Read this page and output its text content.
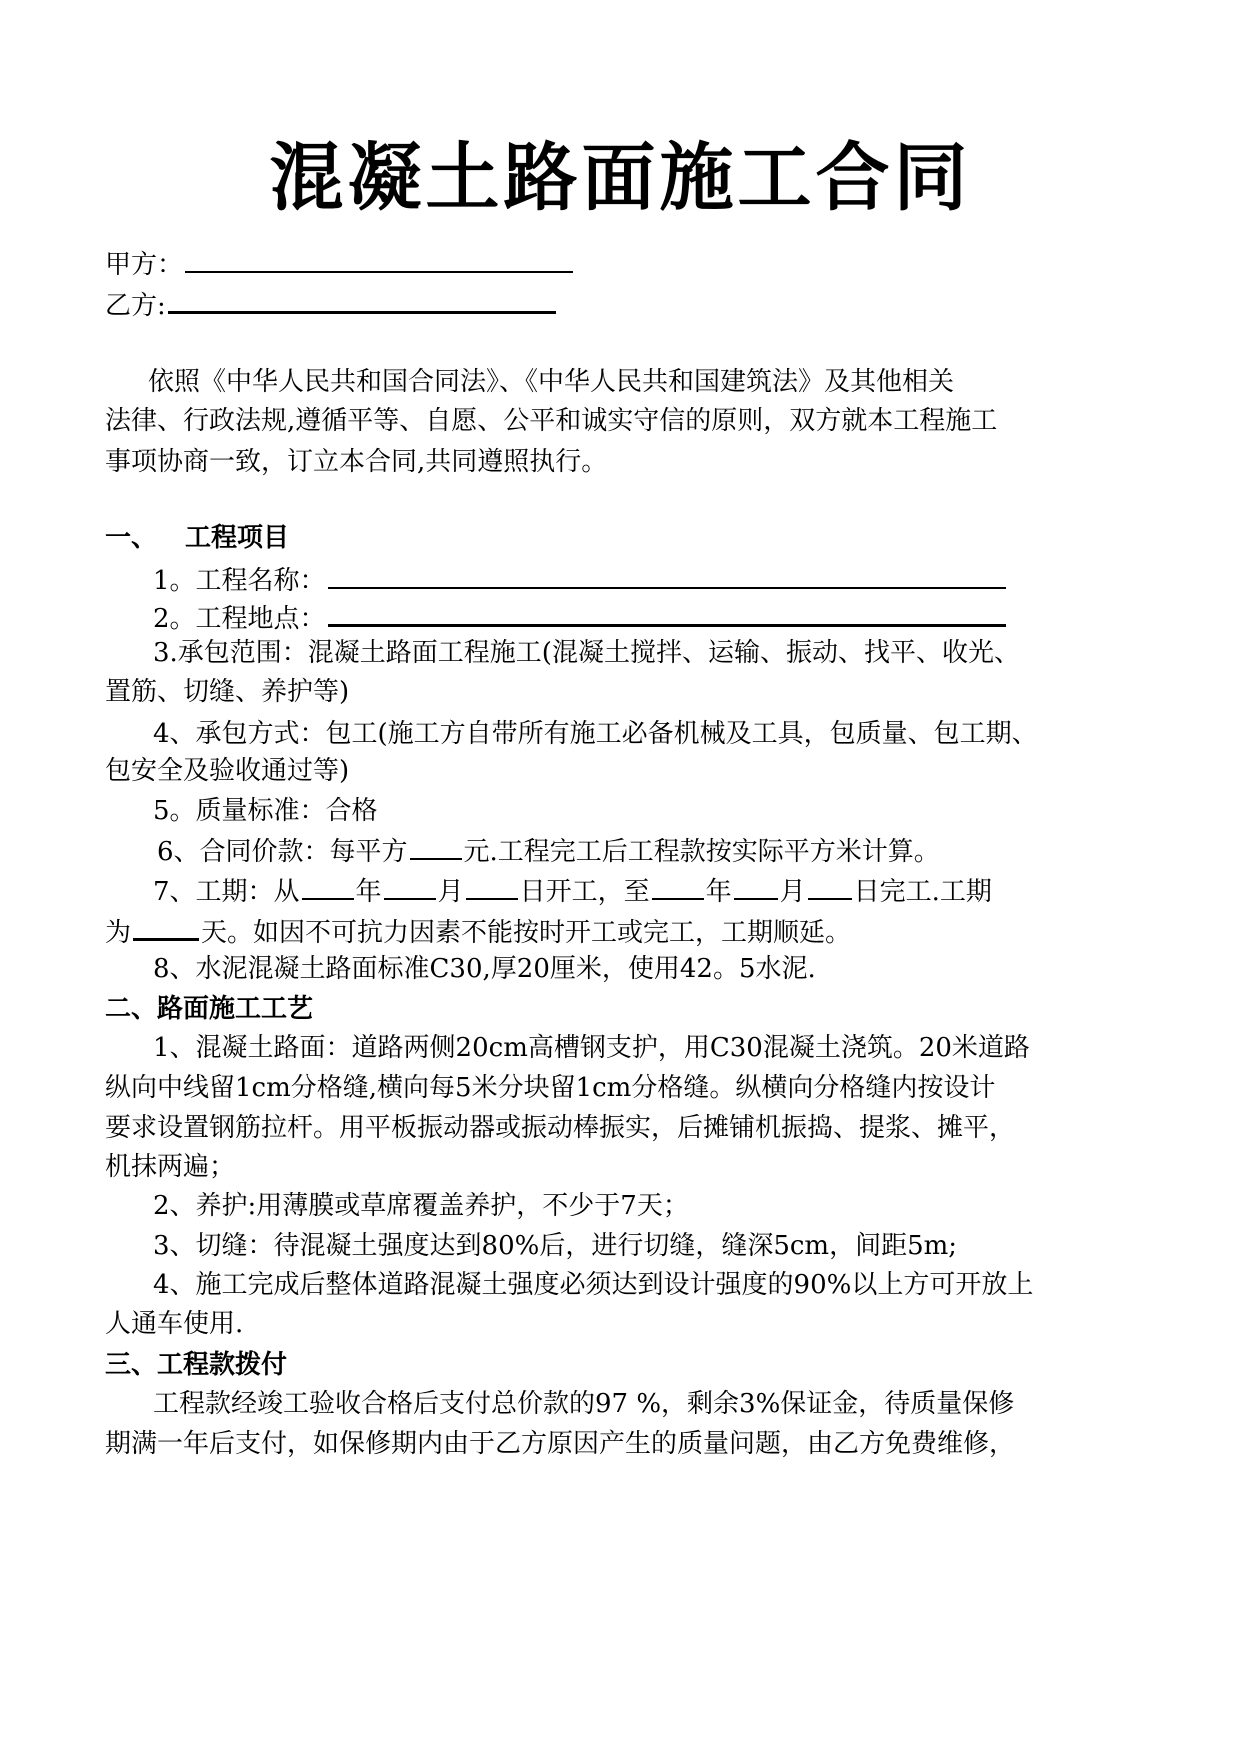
混凝土路面施工合同
甲方：
乙方:
依照《中华人民共和国合同法》、《中华人民共和国建筑法》及其他相关
法律、行政法规,遵循平等、自愿、公平和诚实守信的原则，双方就本工程施工
事项协商一致，订立本合同,共同遵照执行。
一、 工程项目
1。工程名称：
2。工程地点：
3.承包范围：混凝土路面工程施工(混凝土搅拌、运输、振动、找平、收光、
置筋、切缝、养护等)
4、承包方式：包工(施工方自带所有施工必备机械及工具，包质量、包工期、
包安全及验收通过等)
5。质量标准：合格
6、合同价款：每平方 元.工程完工后工程款按实际平方米计算。
7、工期：从 年 月 日开工，至 年 月 日完工.工期
为	天。如因不可抗力因素不能按时开工或完工，工期顺延。
8、水泥混凝土路面标准C30,厚20厘米，使用42。5水泥.
二、路面施工工艺
1、混凝土路面：道路两侧20cm高槽钢支护，用C30混凝土浇筑。20米道路
纵向中线留1cm分格缝,横向每5米分块留1cm分格缝。纵横向分格缝内按设计
要求设置钢筋拉杆。用平板振动器或振动棒振实，后摊铺机振捣、提浆、摊平，
机抹两遍；
2、养护:用薄膜或草席覆盖养护，不少于7天；
3、切缝：待混凝土强度达到80%后，进行切缝，缝深5cm，间距5m;
4、施工完成后整体道路混凝土强度必须达到设计强度的90%以上方可开放上
人通车使用.
三、工程款拨付
工程款经竣工验收合格后支付总价款的97 %，剩余3%保证金，待质量保修
期满一年后支付，如保修期内由于乙方原因产生的质量问题，由乙方免费维修，
